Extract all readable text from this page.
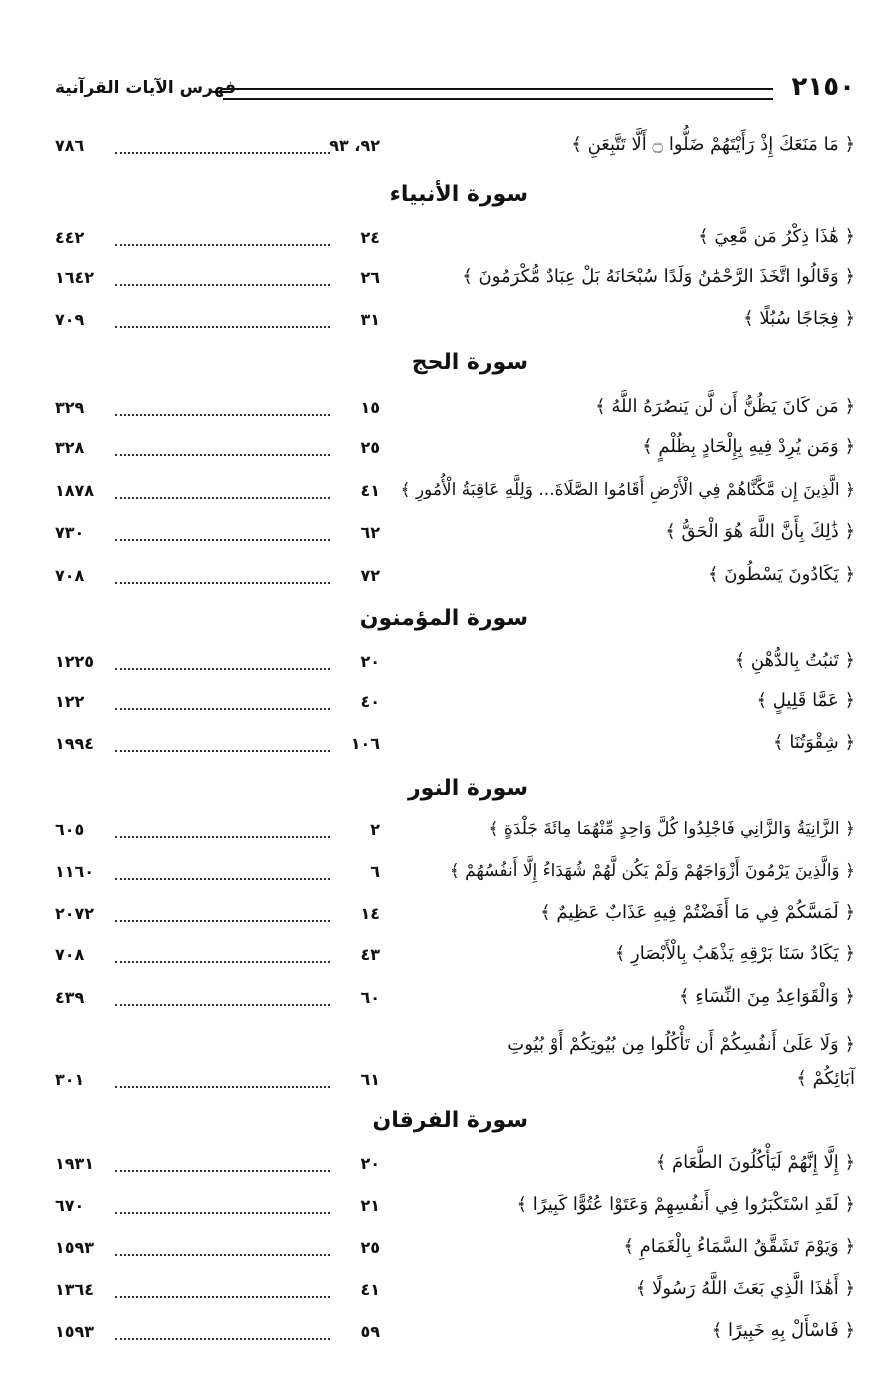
٢١٥٠
فهرس الآيات القرآنية
﴿ مَا مَنَعَكَ إِذْ رَأَيْتَهُمْ ضَلُّوا ۝ أَلَّا تَتَّبِعَنِ ﴾
٩٢، ٩٣
٧٨٦
سورة الأنبياء
﴿ هَٰذَا ذِكْرُ مَن مَّعِيَ ﴾
٢٤
٤٤٢
﴿ وَقَالُوا اتَّخَذَ الرَّحْمَٰنُ وَلَدًا سُبْحَانَهُ بَلْ عِبَادٌ مُّكْرَمُونَ ﴾
٢٦
١٦٤٢
﴿ فِجَاجًا سُبُلًا ﴾
٣١
٧٠٩
سورة الحج
﴿ مَن كَانَ يَظُنُّ أَن لَّن يَنصُرَهُ اللَّهُ ﴾
١٥
٣٢٩
﴿ وَمَن يُرِدْ فِيهِ بِإِلْحَادٍ بِظُلْمٍ ﴾
٢٥
٣٢٨
﴿ الَّذِينَ إِن مَّكَّنَّاهُمْ فِي الْأَرْضِ أَقَامُوا الصَّلَاةَ... وَلِلَّهِ عَاقِبَةُ الْأُمُورِ ﴾
٤١
١٨٧٨
﴿ ذَٰلِكَ بِأَنَّ اللَّهَ هُوَ الْحَقُّ ﴾
٦٢
٧٣٠
﴿ يَكَادُونَ يَسْطُونَ ﴾
٧٢
٧٠٨
سورة المؤمنون
﴿ تَنبُتُ بِالدُّهْنِ ﴾
٢٠
١٢٢٥
﴿ عَمَّا قَلِيلٍ ﴾
٤٠
١٢٢
﴿ شِقْوَتُنَا ﴾
١٠٦
١٩٩٤
سورة النور
﴿ الزَّانِيَةُ وَالزَّانِي فَاجْلِدُوا كُلَّ وَاحِدٍ مِّنْهُمَا مِائَةَ جَلْدَةٍ ﴾
٢
٦٠٥
﴿ وَالَّذِينَ يَرْمُونَ أَزْوَاجَهُمْ وَلَمْ يَكُن لَّهُمْ شُهَدَاءُ إِلَّا أَنفُسُهُمْ ﴾
٦
١١٦٠
﴿ لَمَسَّكُمْ فِي مَا أَفَضْتُمْ فِيهِ عَذَابٌ عَظِيمٌ ﴾
١٤
٢٠٧٢
﴿ يَكَادُ سَنَا بَرْقِهِ يَذْهَبُ بِالْأَبْصَارِ ﴾
٤٣
٧٠٨
﴿ وَالْقَوَاعِدُ مِنَ النِّسَاءِ ﴾
٦٠
٤٣٩
﴿ وَلَا عَلَىٰ أَنفُسِكُمْ أَن تَأْكُلُوا مِن بُيُوتِكُمْ أَوْ بُيُوتِ آبَائِكُمْ ﴾
٦١
٣٠١
سورة الفرقان
﴿ إِلَّا إِنَّهُمْ لَيَأْكُلُونَ الطَّعَامَ ﴾
٢٠
١٩٣١
﴿ لَقَدِ اسْتَكْبَرُوا فِي أَنفُسِهِمْ وَعَتَوْا عُتُوًّا كَبِيرًا ﴾
٢١
٦٧٠
﴿ وَيَوْمَ تَشَقَّقُ السَّمَاءُ بِالْغَمَامِ ﴾
٢٥
١٥٩٣
﴿ أَهَٰذَا الَّذِي بَعَثَ اللَّهُ رَسُولًا ﴾
٤١
١٣٦٤
﴿ فَاسْأَلْ بِهِ خَبِيرًا ﴾
٥٩
١٥٩٣
